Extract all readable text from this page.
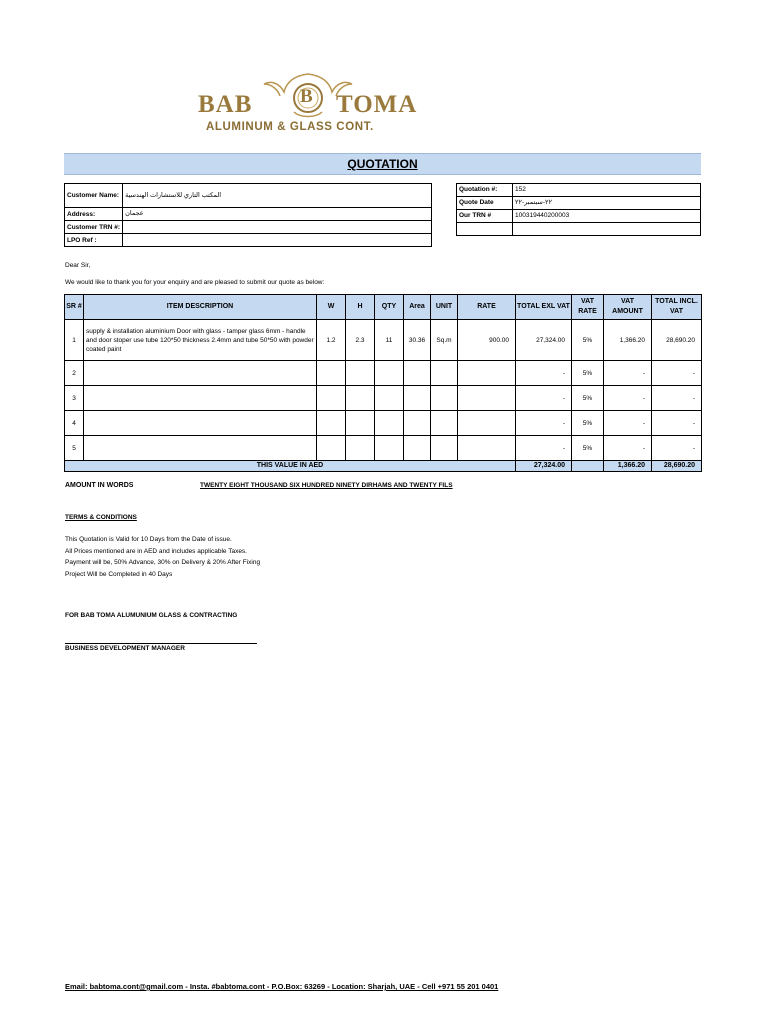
BAB	B TOMA
ALUMINUM & GLASS CONT.
QUOTATION
Customer Name:	المكتب التاري للاستشارات الهندسية

Address:	عجمان
Customer TRN #:	
LPO Ref :	
Quotation #:	152
Quote Date	٢٢-سبتمبر-٢٢
Our TRN #	100319440200003

Dear Sir,
We would like to thank you for your enquiry and are pleased to submit our quote as below:
SR #	ITEM DESCRIPTION	W	H	QTY	Area	UNIT	RATE	TOTAL EXL VAT	VAT RATE	VAT AMOUNT	TOTAL INCL. VAT
1	supply & installation aluminium Door with glass - tamper glass 6mm - handle and door stoper use tube 120*50 thickness 2.4mm and tube 50*50 with powder coated paint	1.2	2.3	11	30.36	Sq.m	900.00	27,324.00	5%	1,366.20	28,690.20
2								-	5%	-	-
3								-	5%	-	-
4								-	5%	-	-
5								-	5%	-	-
THIS VALUE IN AED								27,324.00		1,366.20	28,690.20
AMOUNT IN WORDS	TWENTY EIGHT THOUSAND SIX HUNDRED NINETY DIRHAMS AND TWENTY FILS
TERMS & CONDITIONS
This Quotation is Valid for 10 Days from the Date of issue.
All Prices mentioned are in AED and includes applicable Taxes.
Payment will be, 50% Advance, 30% on Delivery & 20% After Fixing
Project Will be Completed in 40 Days
FOR BAB TOMA ALUMUNIUM GLASS & CONTRACTING
BUSINESS DEVELOPMENT MANAGER
Email: babtoma.cont@gmail.com - Insta. #babtoma.cont - P.O.Box: 63269 - Location: Sharjah, UAE - Cell +971 55 201 0401
